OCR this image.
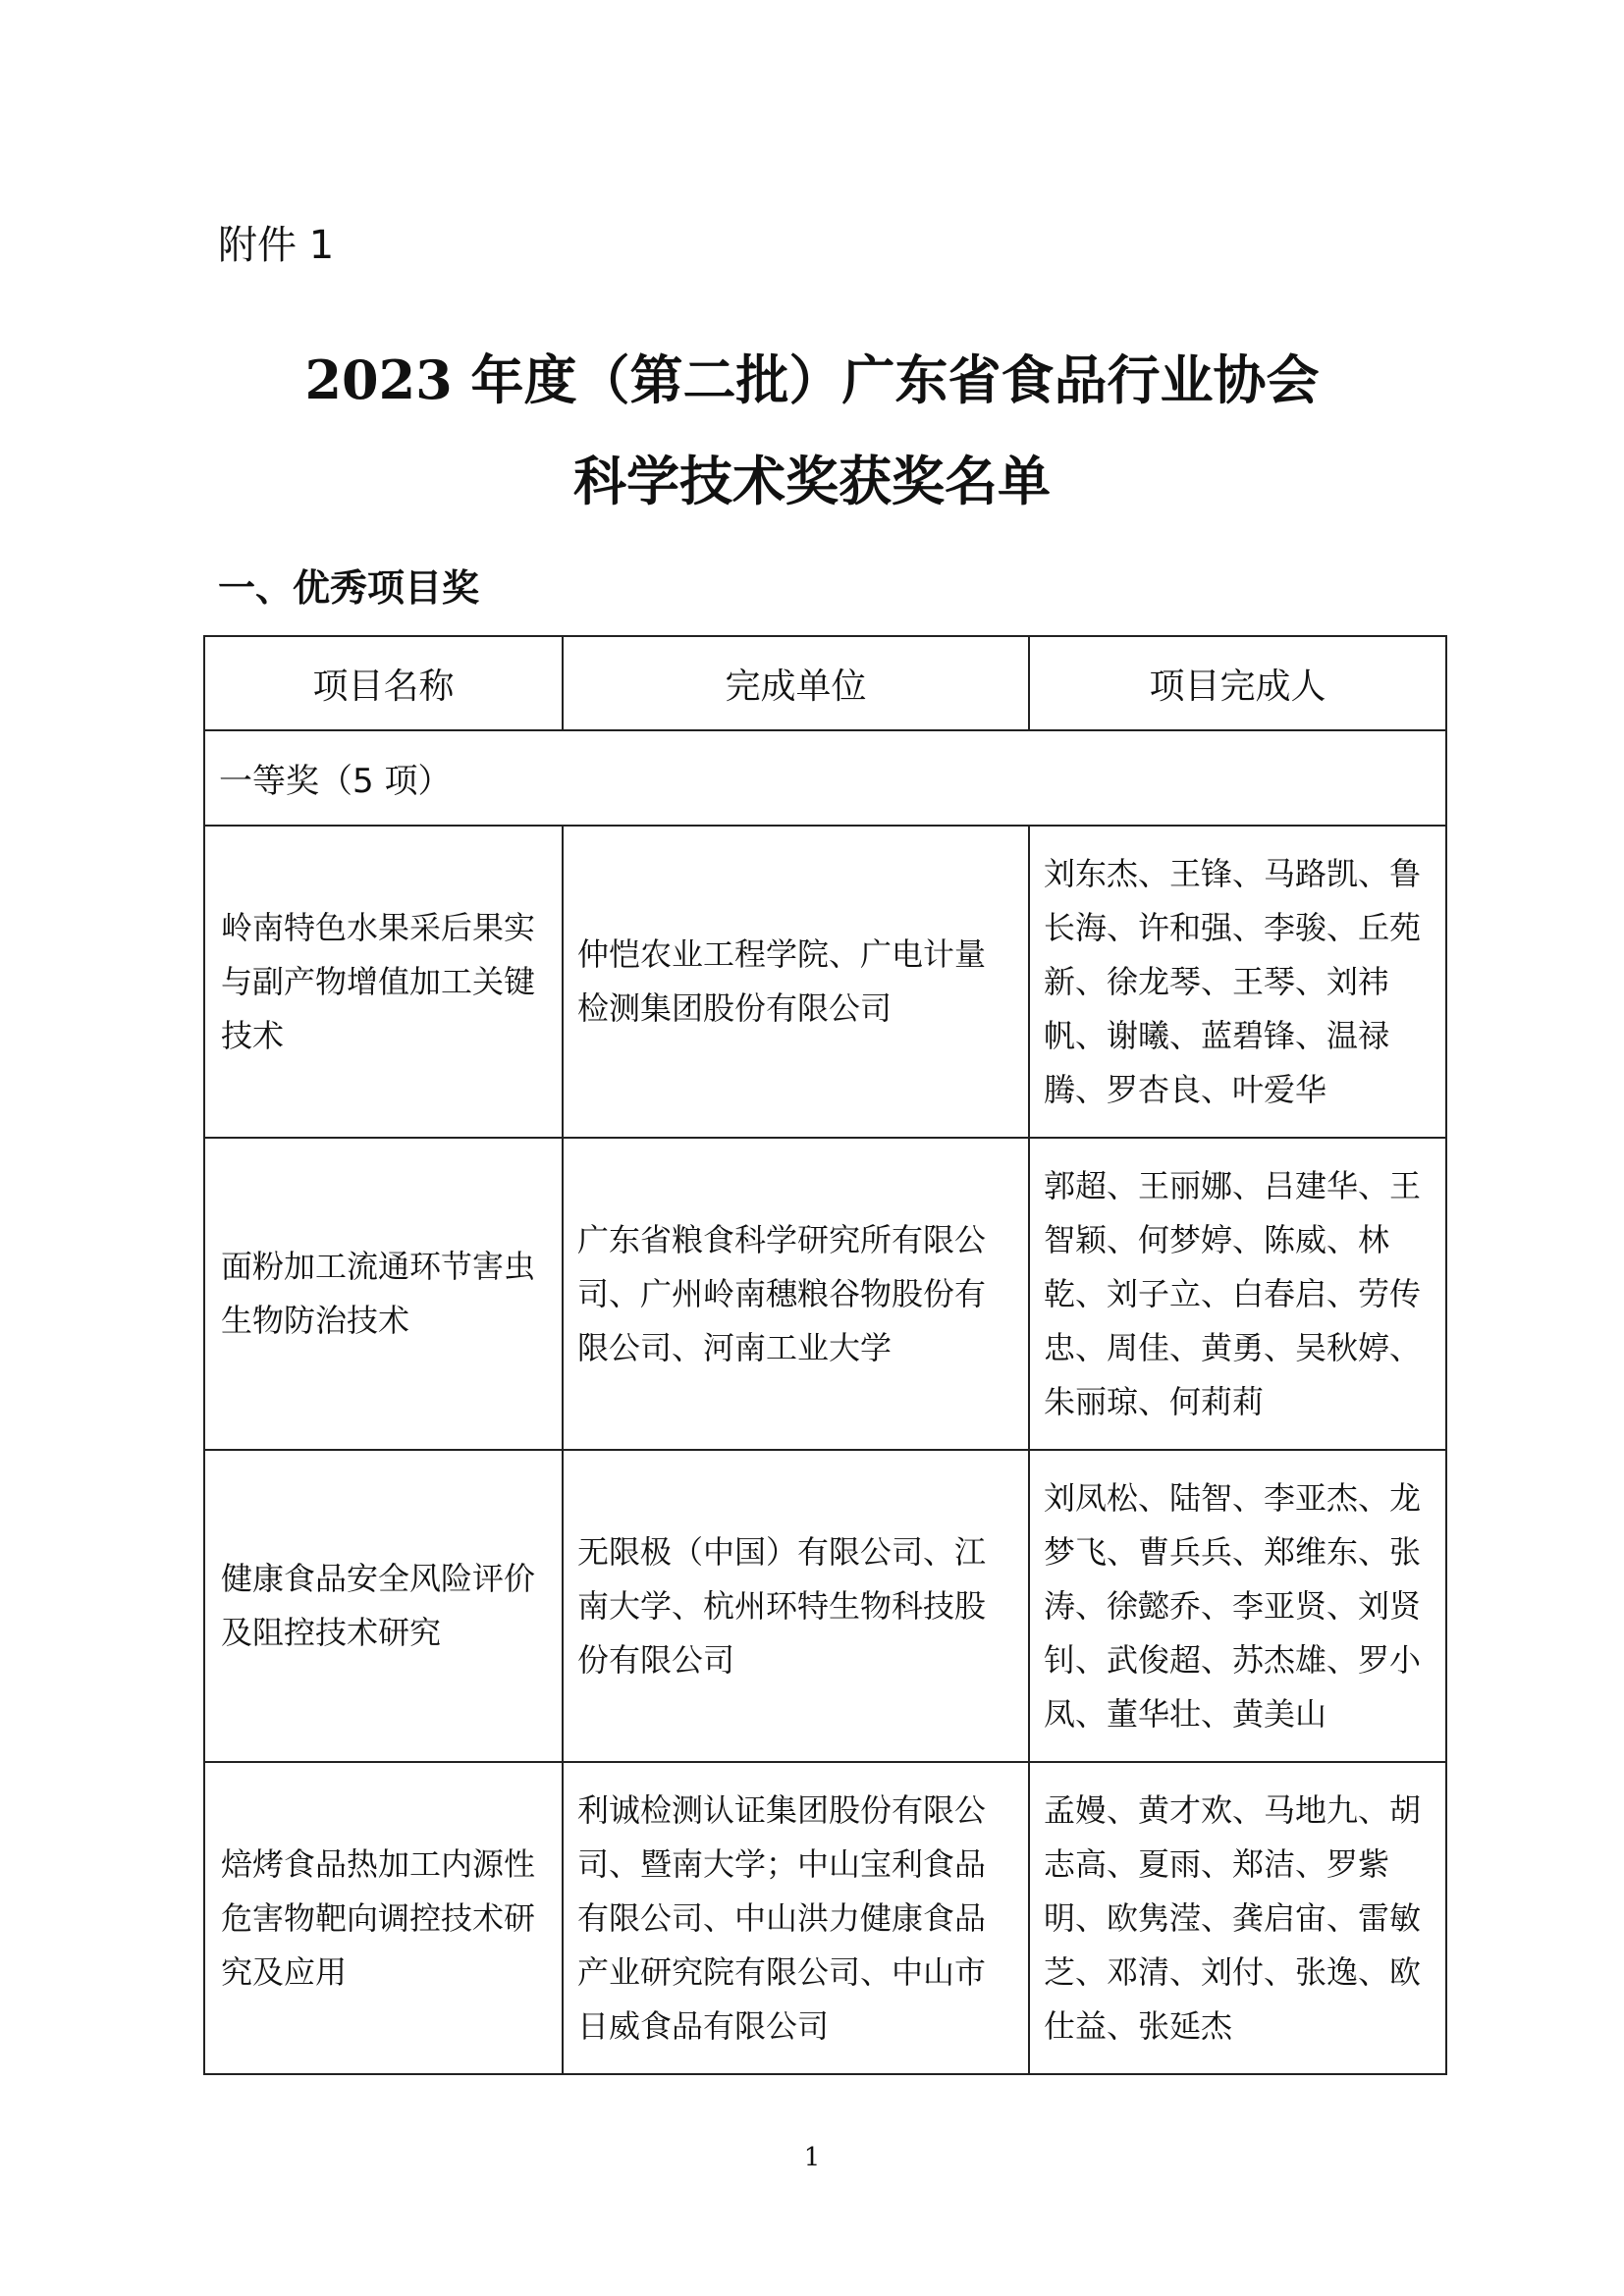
附件 1
2023 年度（第二批）广东省食品行业协会
科学技术奖获奖名单
一、优秀项目奖
项目名称	完成单位	项目完成人
一等奖（5 项）		
岭南特色水果采后果实与副产物增值加工关键技术	仲恺农业工程学院、广电计量检测集团股份有限公司	刘东杰、王锋、马路凯、鲁长海、许和强、李骏、丘苑新、徐龙琴、王琴、刘祎帆、谢曦、蓝碧锋、温禄腾、罗杏良、叶爱华
面粉加工流通环节害虫生物防治技术	广东省粮食科学研究所有限公司、广州岭南穗粮谷物股份有限公司、河南工业大学	郭超、王丽娜、吕建华、王智颖、何梦婷、陈威、林乾、刘子立、白春启、劳传忠、周佳、黄勇、吴秋婷、朱丽琼、何莉莉
健康食品安全风险评价及阻控技术研究	无限极（中国）有限公司、江南大学、杭州环特生物科技股份有限公司	刘凤松、陆智、李亚杰、龙梦飞、曹兵兵、郑维东、张涛、徐懿乔、李亚贤、刘贤钊、武俊超、苏杰雄、罗小凤、董华壮、黄美山
焙烤食品热加工内源性危害物靶向调控技术研究及应用	利诚检测认证集团股份有限公司、暨南大学；中山宝利食品有限公司、中山洪力健康食品产业研究院有限公司、中山市日威食品有限公司	孟嫚、黄才欢、马地九、胡志高、夏雨、郑洁、罗紫明、欧隽滢、龚启宙、雷敏芝、邓清、刘付、张逸、欧仕益、张延杰
1
